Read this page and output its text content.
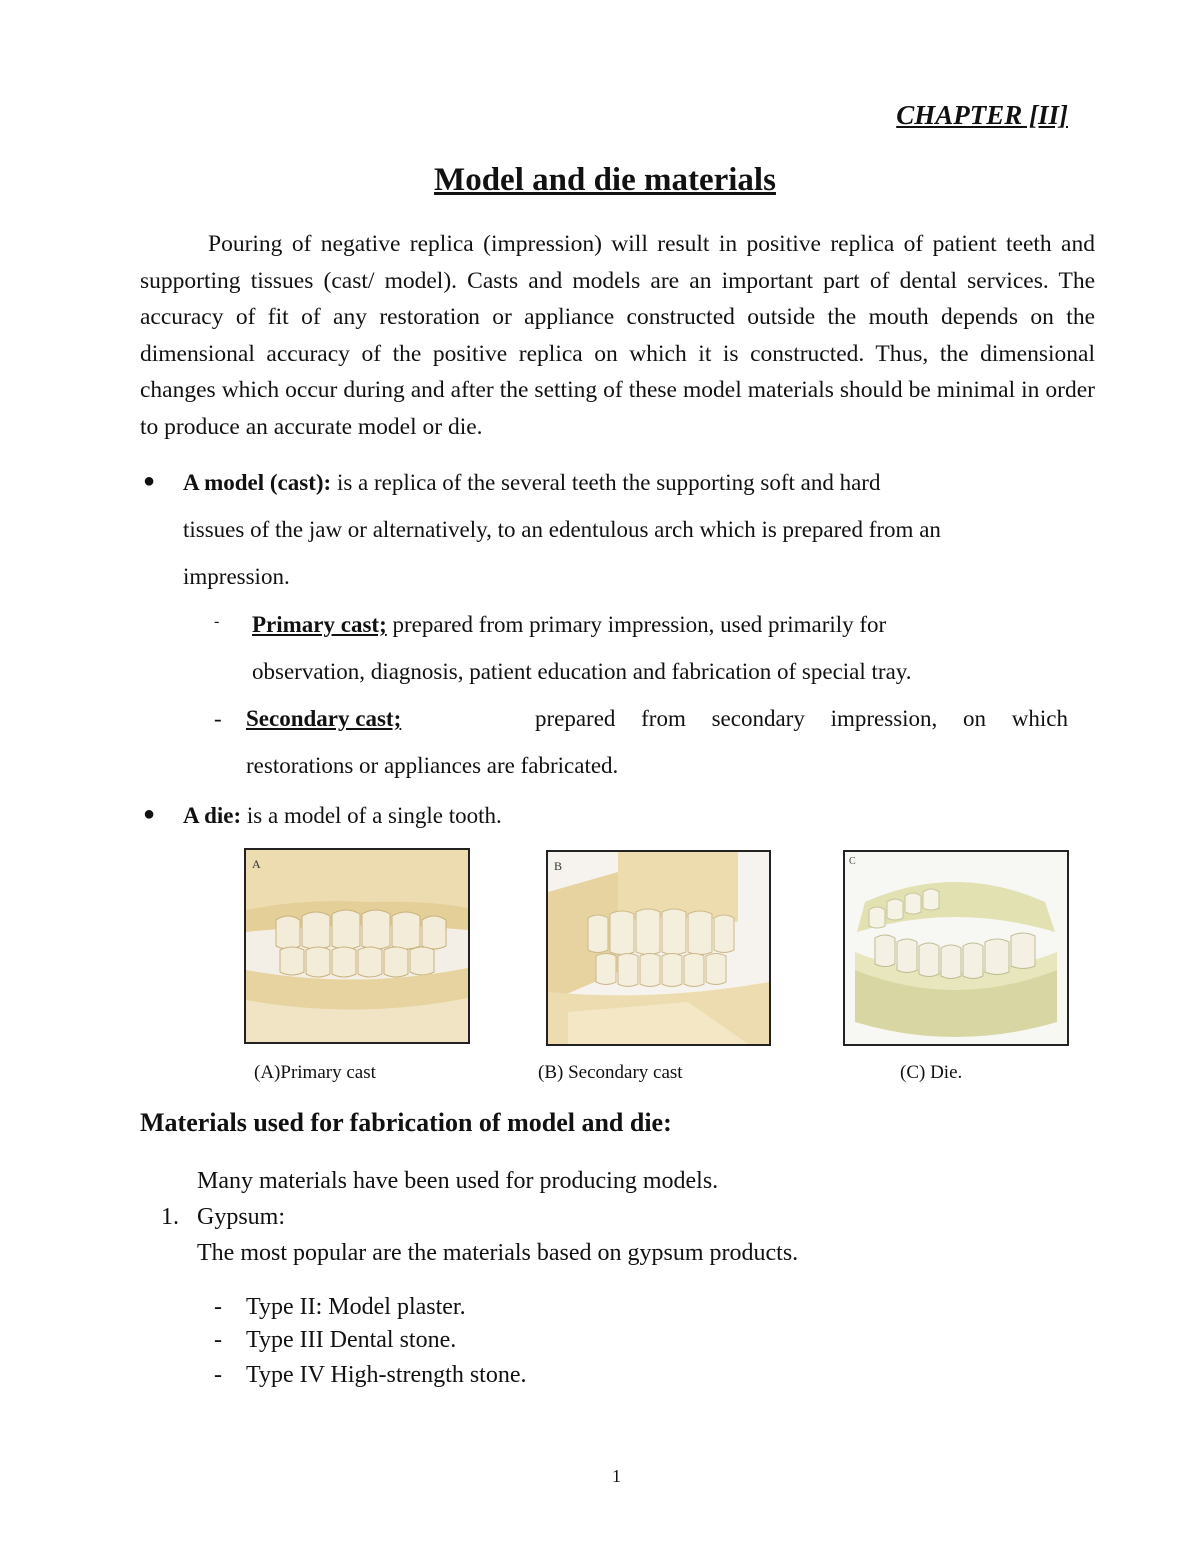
CHAPTER [II]
Model and die materials

Pouring of negative replica (impression) will result in positive replica of patient teeth and supporting tissues (cast/ model). Casts and models are an important part of dental services. The accuracy of fit of any restoration or appliance constructed outside the mouth depends on the dimensional accuracy of the positive replica on which it is constructed. Thus, the dimensional changes which occur during and after the setting of these model materials should be minimal in order to produce an accurate model or die.

● A model (cast): is a replica of the several teeth the supporting soft and hard
tissues of the jaw or alternatively, to an edentulous arch which is prepared from an
impression.
- Primary cast; prepared from primary impression, used primarily for
observation, diagnosis, patient education and fabrication of special tray.
- Secondary cast;	prepared from secondary impression, on which
restorations or appliances are fabricated.
● A die: is a model of a single tooth.
A	B	C
(A)Primary cast	(B) Secondary cast	(C) Die.
Materials used for fabrication of model and die:
Many materials have been used for producing models.
1. Gypsum:
The most popular are the materials based on gypsum products.
- Type II: Model plaster.
- Type III Dental stone.
- Type IV High-strength stone.
1
